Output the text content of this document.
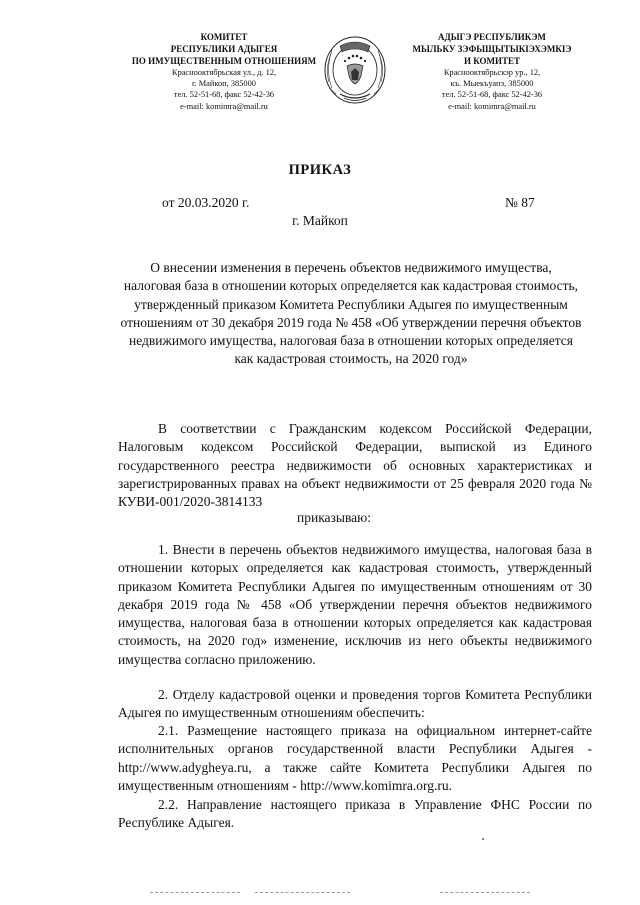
КОМИТЕТ
РЕСПУБЛИКИ АДЫГЕЯ
ПО ИМУЩЕСТВЕННЫМ ОТНОШЕНИЯМ
Краснооктябрьская ул., д. 12,
г. Майкоп, 385000
тел. 52-51-68, факс 52-42-36
e-mail: komimra@mail.ru
АДЫГЭ РЕСПУБЛИКЭМ
МЫЛЬКУ ЗЭФЫЩЫТЫКІЭХЭМКІЭ
И КОМИТЕТ
Краснооктябрьскэр ур., 12,
къ. Мыекъуапэ, 385000
тел. 52-51-68, факс 52-42-36
e-mail: komimra@mail.ru
ПРИКАЗ
от 20.03.2020 г.	№ 87
г. Майкоп
О внесении изменения в перечень объектов недвижимого имущества, налоговая база в отношении которых определяется как кадастровая стоимость, утвержденный приказом Комитета Республики Адыгея по имущественным отношениям от 30 декабря 2019 года № 458 «Об утверждении перечня объектов недвижимого имущества, налоговая база в отношении которых определяется как кадастровая стоимость, на 2020 год»
В соответствии с Гражданским кодексом Российской Федерации, Налоговым кодексом Российской Федерации, выпиской из Единого государственного реестра недвижимости об основных характеристиках и зарегистрированных правах на объект недвижимости от 25 февраля 2020 года № КУВИ-001/2020-3814133
приказываю:
1. Внести в перечень объектов недвижимого имущества, налоговая база в отношении которых определяется как кадастровая стоимость, утвержденный приказом Комитета Республики Адыгея по имущественным отношениям от 30 декабря 2019 года № 458 «Об утверждении перечня объектов недвижимого имущества, налоговая база в отношении которых определяется как кадастровая стоимость, на 2020 год» изменение, исключив из него объекты недвижимого имущества согласно приложению.
2. Отделу кадастровой оценки и проведения торгов Комитета Республики Адыгея по имущественным отношениям обеспечить:
2.1. Размещение настоящего приказа на официальном интернет-сайте исполнительных органов государственной власти Республики Адыгея - http://www.adygheya.ru, а также сайте Комитета Республики Адыгея по имущественным отношениям - http://www.komimra.org.ru.
2.2. Направление настоящего приказа в Управление ФНС России по Республике Адыгея.
